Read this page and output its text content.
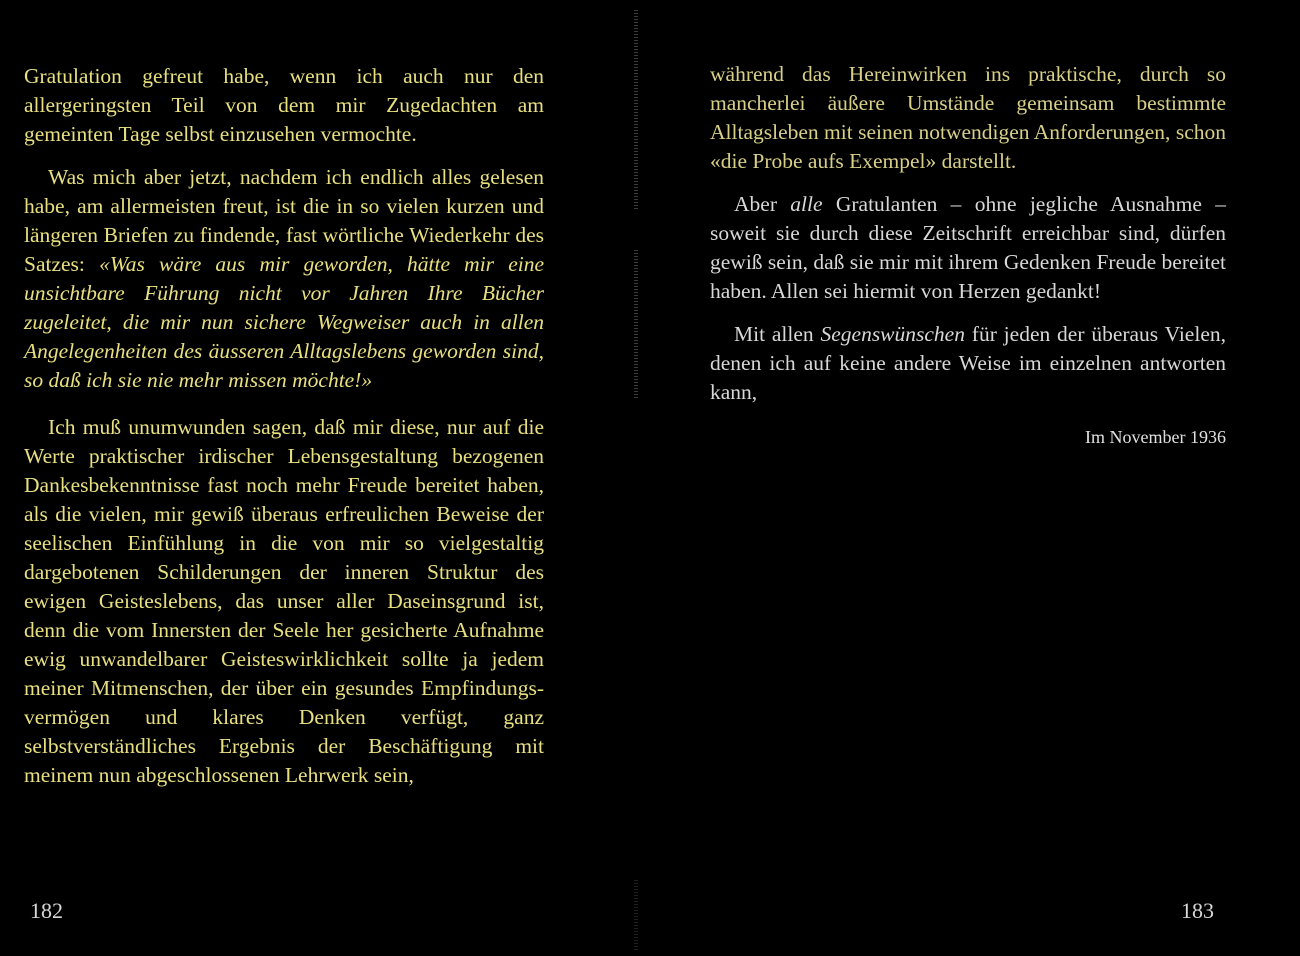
Gratulation gefreut habe, wenn ich auch nur den allergeringsten Teil von dem mir Zugedachten am gemeinten Tage selbst einzusehen vermochte.

Was mich aber jetzt, nachdem ich endlich alles gelesen habe, am allermeisten freut, ist die in so vielen kurzen und längeren Briefen zu findende, fast wörtliche Wiederkehr des Satzes: «Was wäre aus mir geworden, hätte mir eine unsichtbare Führung nicht vor Jahren Ihre Bücher zugeleitet, die mir nun sichere Wegweiser auch in allen Angelegenheiten des äusseren Alltagslebens geworden sind, so daß ich sie nie mehr missen möchte!»

Ich muß unumwunden sagen, daß mir diese, nur auf die Werte praktischer irdischer Lebensgestaltung bezogenen Dankesbekenntnisse fast noch mehr Freude bereitet haben, als die vielen, mir gewiß überaus erfreulichen Beweise der seelischen Einfühlung in die von mir so vielgestaltig dargebotenen Schilderungen der inneren Struktur des ewigen Geisteslebens, das unser aller Daseinsgrund ist, denn die vom Innersten der Seele her gesicherte Aufnahme ewig unwandelbarer Geisteswirklichkeit sollte ja jedem meiner Mitmenschen, der über ein gesundes Empfindungsvermögen und klares Denken verfügt, ganz selbstverständliches Ergebnis der Beschäftigung mit meinem nun abgeschlossenen Lehrwerk sein,

182

während das Hereinwirken ins praktische, durch so mancherlei äußere Umstände gemeinsam bestimmte Alltagsleben mit seinen notwendigen Anforderungen, schon «die Probe aufs Exempel» darstellt.

Aber alle Gratulanten – ohne jegliche Ausnahme – soweit sie durch diese Zeitschrift erreichbar sind, dürfen gewiß sein, daß sie mir mit ihrem Gedenken Freude bereitet haben. Allen sei hiermit von Herzen gedankt!

Mit allen Segenswünschen für jeden der überaus Vielen, denen ich auf keine andere Weise im einzelnen antworten kann,

Im November 1936
183
